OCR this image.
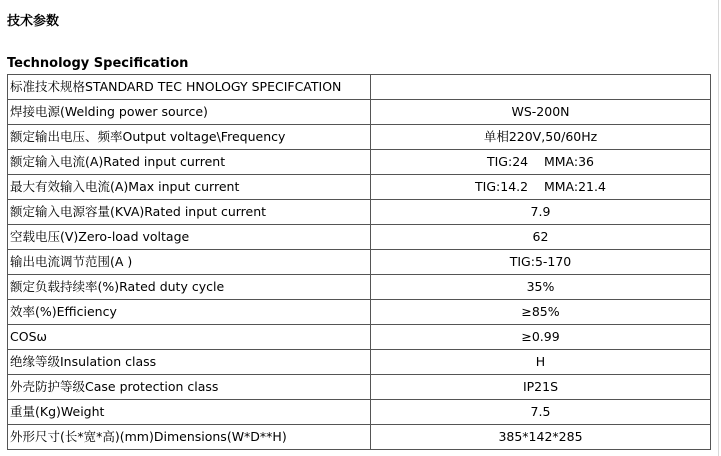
技术参数
Technology Specification
标准技术规格STANDARD TEC HNOLOGY SPECIFCATION	
焊接电源(Welding power source)	WS-200N
额定输出电压、频率Output voltage\Frequency	单相220V,50/60Hz
额定输入电流(A)Rated input current	TIG:24    MMA:36
最大有效输入电流(A)Max input current	TIG:14.2    MMA:21.4
额定输入电源容量(KVA)Rated input current	7.9
空载电压(V)Zero-load voltage	62
输出电流调节范围(A )	TIG:5-170
额定负载持续率(%)Rated duty cycle	35%
效率(%)Efficiency	≥85%
COSω	≥0.99
绝缘等级Insulation class	H
外壳防护等级Case protection class	IP21S
重量(Kg)Weight	7.5
外形尺寸(长*宽*高)(mm)Dimensions(W*D**H)	385*142*285
